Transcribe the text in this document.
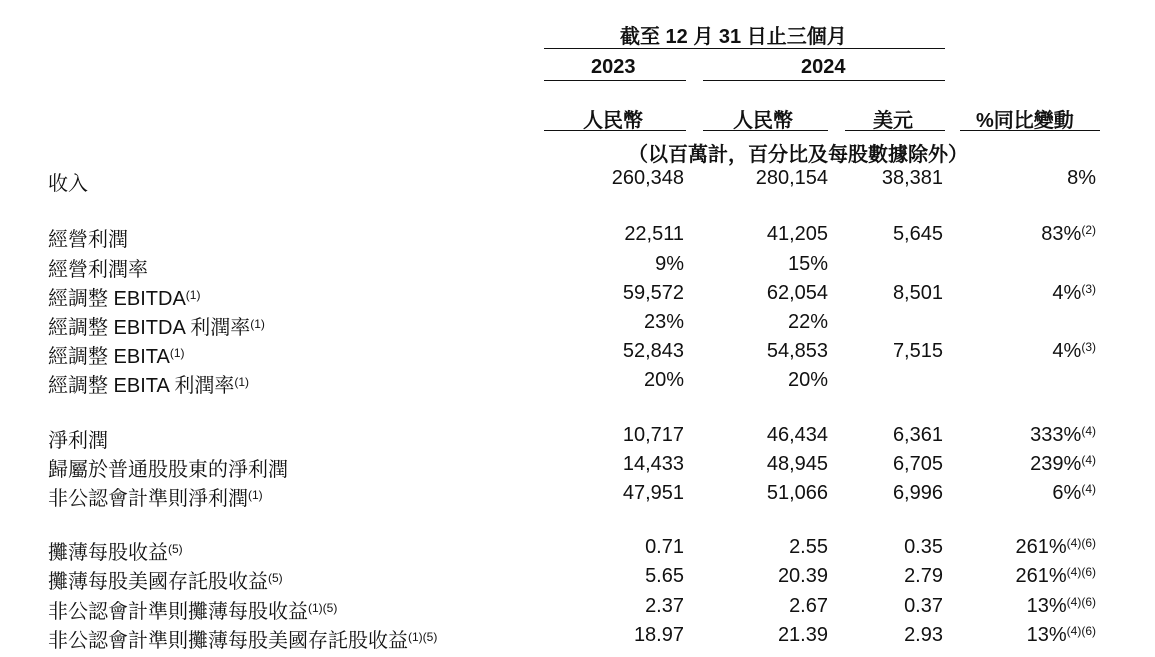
截至 12 月 31 日止三個月
2023	2024
人民幣	人民幣	美元	%同比變動
（以百萬計，百分比及每股數據除外）
收入	260,348	280,154	38,381	8%
經營利潤	22,511	41,205	5,645	83%$^{(2)}$
經營利潤率	9%	15%
經調整 EBITDA$^{(1)}$	59,572	62,054	8,501	4%$^{(3)}$
經調整 EBITDA 利潤率$^{(1)}$	23%	22%
經調整 EBITA$^{(1)}$	52,843	54,853	7,515	4%$^{(3)}$
經調整 EBITA 利潤率$^{(1)}$	20%	20%
淨利潤	10,717	46,434	6,361	333%$^{(4)}$
歸屬於普通股股東的淨利潤	14,433	48,945	6,705	239%$^{(4)}$
非公認會計準則淨利潤$^{(1)}$	47,951	51,066	6,996	6%$^{(4)}$
攤薄每股收益$^{(5)}$	0.71	2.55	0.35	261%$^{(4)(6)}$
攤薄每股美國存託股收益$^{(5)}$	5.65	20.39	2.79	261%$^{(4)(6)}$
非公認會計準則攤薄每股收益$^{(1)(5)}$	2.37	2.67	0.37	13%$^{(4)(6)}$
非公認會計準則攤薄每股美國存託股收益$^{(1)(5)}$	18.97	21.39	2.93	13%$^{(4)(6)}$
